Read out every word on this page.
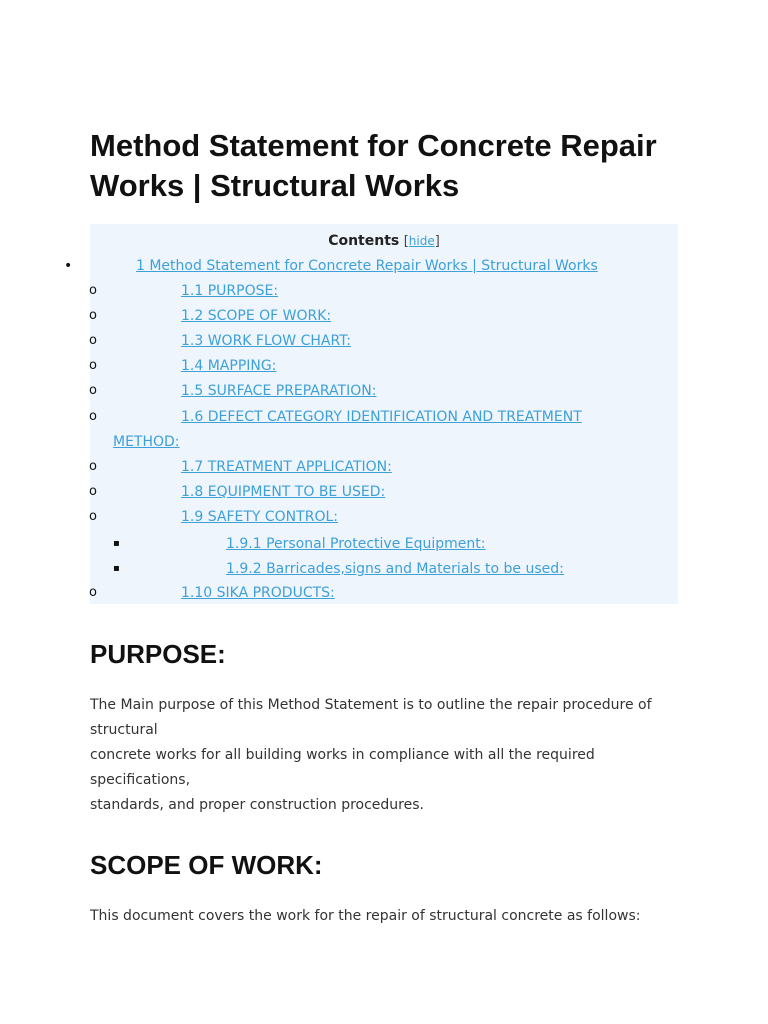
Method Statement for Concrete Repair
Works | Structural Works
Contents [hide]
•	1 Method Statement for Concrete Repair Works | Structural Works
o	1.1 PURPOSE:
o	1.2 SCOPE OF WORK:
o	1.3 WORK FLOW CHART:
o	1.4 MAPPING:
o	1.5 SURFACE PREPARATION:
o	1.6 DEFECT CATEGORY IDENTIFICATION AND TREATMENT
METHOD:
o	1.7 TREATMENT APPLICATION:
o	1.8 EQUIPMENT TO BE USED:
o	1.9 SAFETY CONTROL:
▪	1.9.1 Personal Protective Equipment:
▪	1.9.2 Barricades,signs and Materials to be used:
o	1.10 SIKA PRODUCTS:
PURPOSE:
The Main purpose of this Method Statement is to outline the repair procedure of
structural
concrete works for all building works in compliance with all the required
specifications,
standards, and proper construction procedures.
SCOPE OF WORK:
This document covers the work for the repair of structural concrete as follows:
